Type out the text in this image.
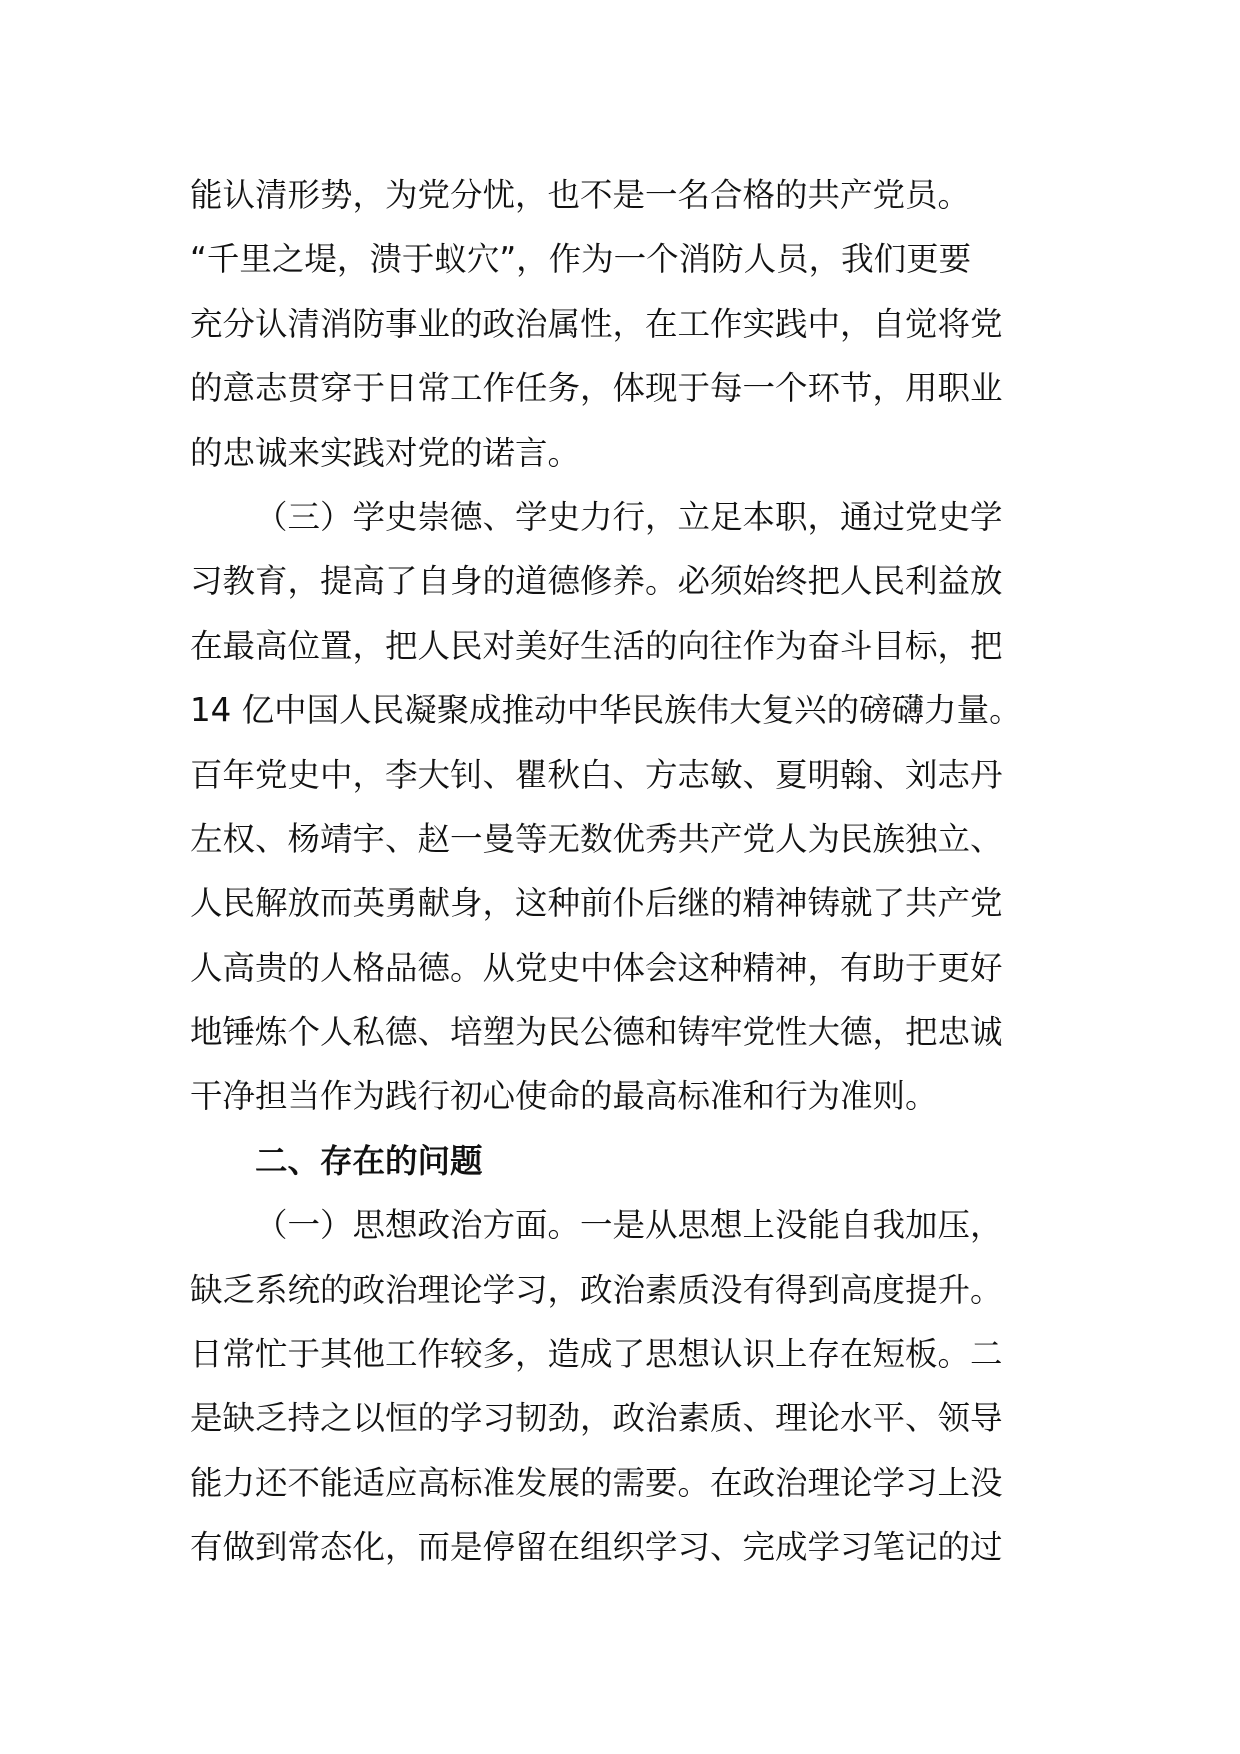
能认清形势，为党分忧，也不是一名合格的共产党员。
“千里之堤，溃于蚁穴”，作为一个消防人员，我们更要
充分认清消防事业的政治属性，在工作实践中，自觉将党
的意志贯穿于日常工作任务，体现于每一个环节，用职业
的忠诚来实践对党的诺言。
（三）学史崇德、学史力行，立足本职，通过党史学
习教育，提高了自身的道德修养。必须始终把人民利益放
在最高位置，把人民对美好生活的向往作为奋斗目标，把
14 亿中国人民凝聚成推动中华民族伟大复兴的磅礴力量。
百年党史中，李大钊、瞿秋白、方志敏、夏明翰、刘志丹
左权、杨靖宇、赵一曼等无数优秀共产党人为民族独立、
人民解放而英勇献身，这种前仆后继的精神铸就了共产党
人高贵的人格品德。从党史中体会这种精神，有助于更好
地锤炼个人私德、培塑为民公德和铸牢党性大德，把忠诚
干净担当作为践行初心使命的最高标准和行为准则。
二、存在的问题
（一）思想政治方面。一是从思想上没能自我加压，
缺乏系统的政治理论学习，政治素质没有得到高度提升。
日常忙于其他工作较多，造成了思想认识上存在短板。二
是缺乏持之以恒的学习韧劲，政治素质、理论水平、领导
能力还不能适应高标准发展的需要。在政治理论学习上没
有做到常态化，而是停留在组织学习、完成学习笔记的过
